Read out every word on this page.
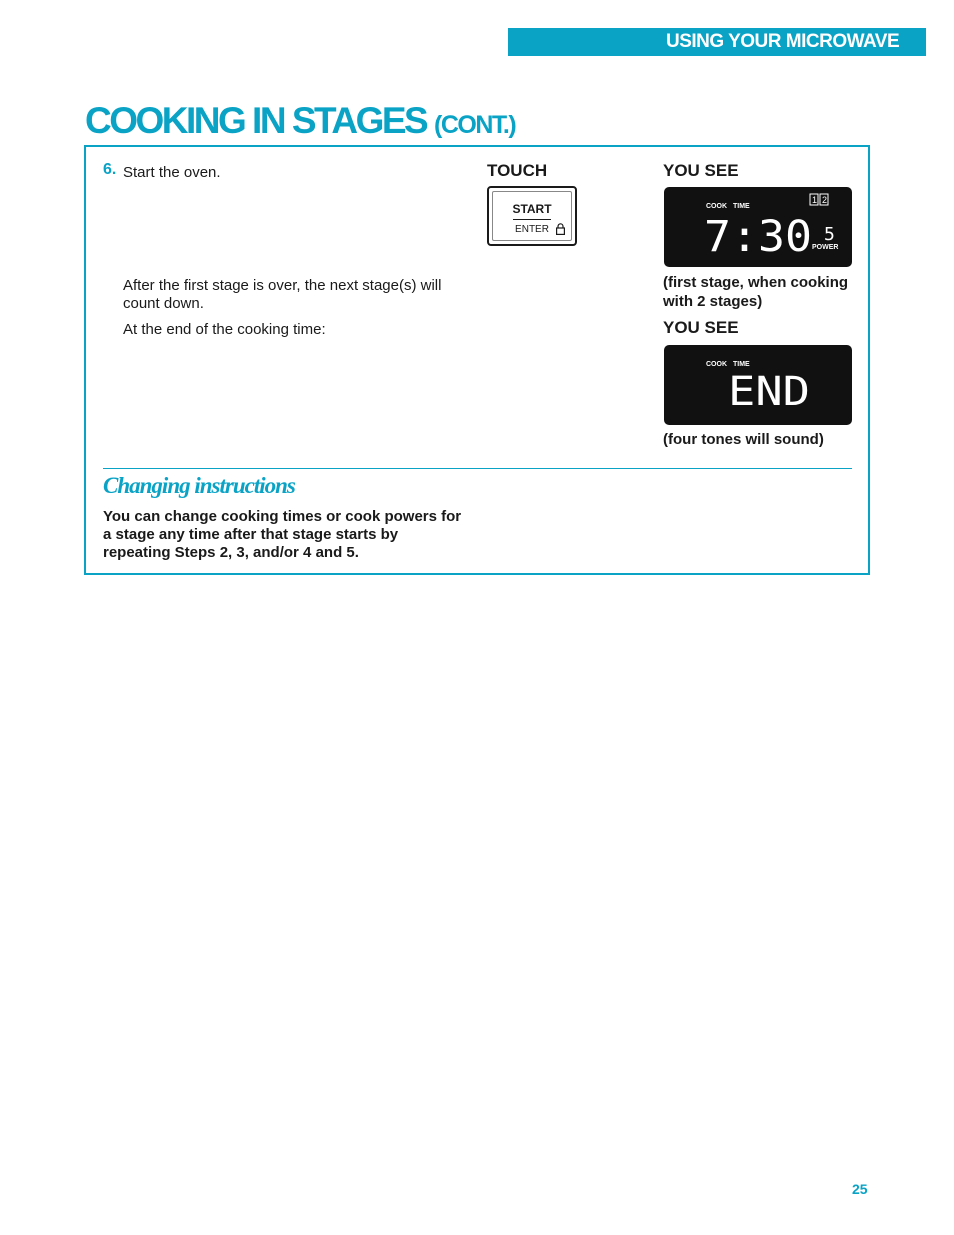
USING YOUR MICROWAVE OVEN
COOKING IN STAGES (CONT.)
6. Start the oven.
After the first stage is over, the next stage(s) will count down.
At the end of the cooking time:
TOUCH	YOU SEE
START
ENTER
COOK TIME
1 2
7:30 5
POWER
(first stage, when cooking with 2 stages)
YOU SEE
COOK TIME
END
(four tones will sound)
Changing instructions
You can change cooking times or cook powers for a stage any time after that stage starts by repeating Steps 2, 3, and/or 4 and 5.
25
